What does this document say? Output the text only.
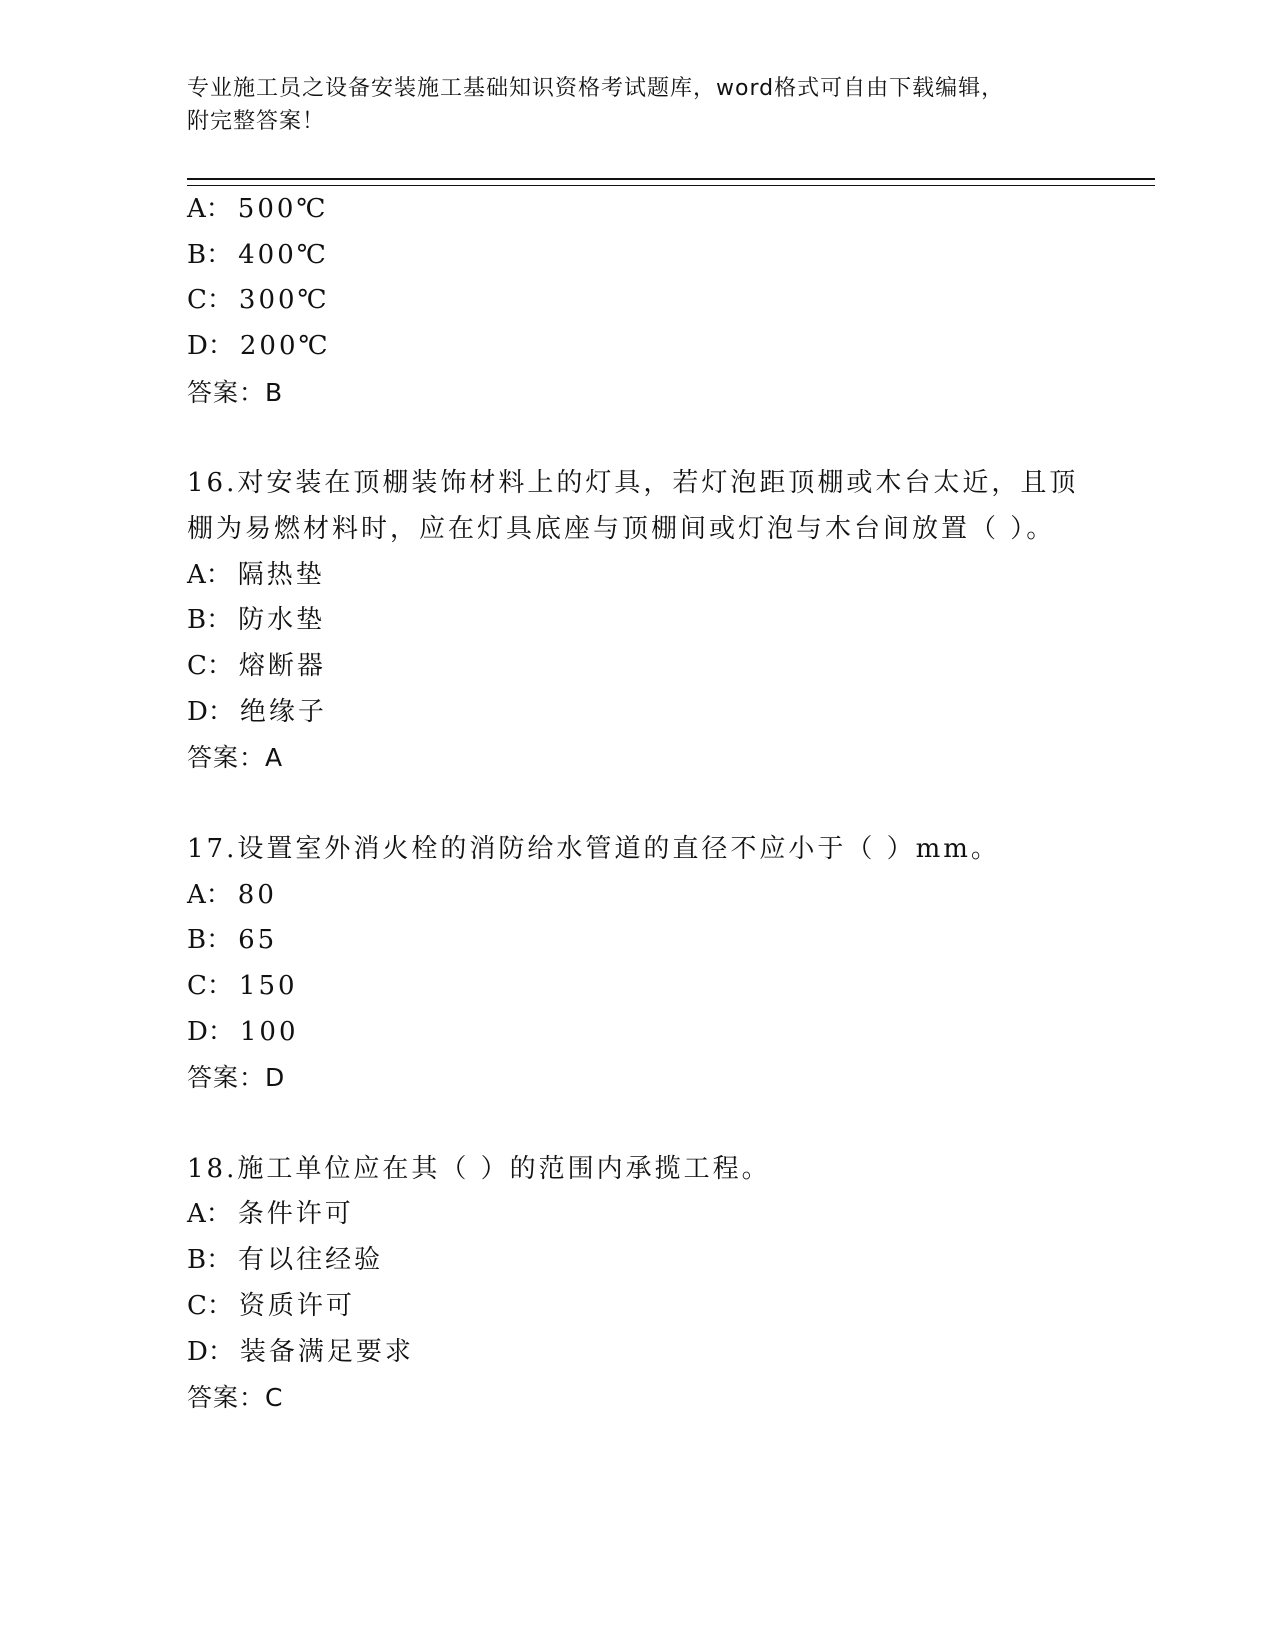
专业施工员之设备安装施工基础知识资格考试题库，word格式可自由下载编辑，
附完整答案！
A： 500℃
B： 400℃
C： 300℃
D： 200℃
答案：B
16.对安装在顶棚装饰材料上的灯具，若灯泡距顶棚或木台太近，且顶
棚为易燃材料时，应在灯具底座与顶棚间或灯泡与木台间放置（ ）。
A： 隔热垫
B： 防水垫
C： 熔断器
D： 绝缘子
答案：A
17.设置室外消火栓的消防给水管道的直径不应小于（ ）mm。
A： 80
B： 65
C： 150
D： 100
答案：D
18.施工单位应在其（ ）的范围内承揽工程。
A： 条件许可
B： 有以往经验
C： 资质许可
D： 装备满足要求
答案：C
